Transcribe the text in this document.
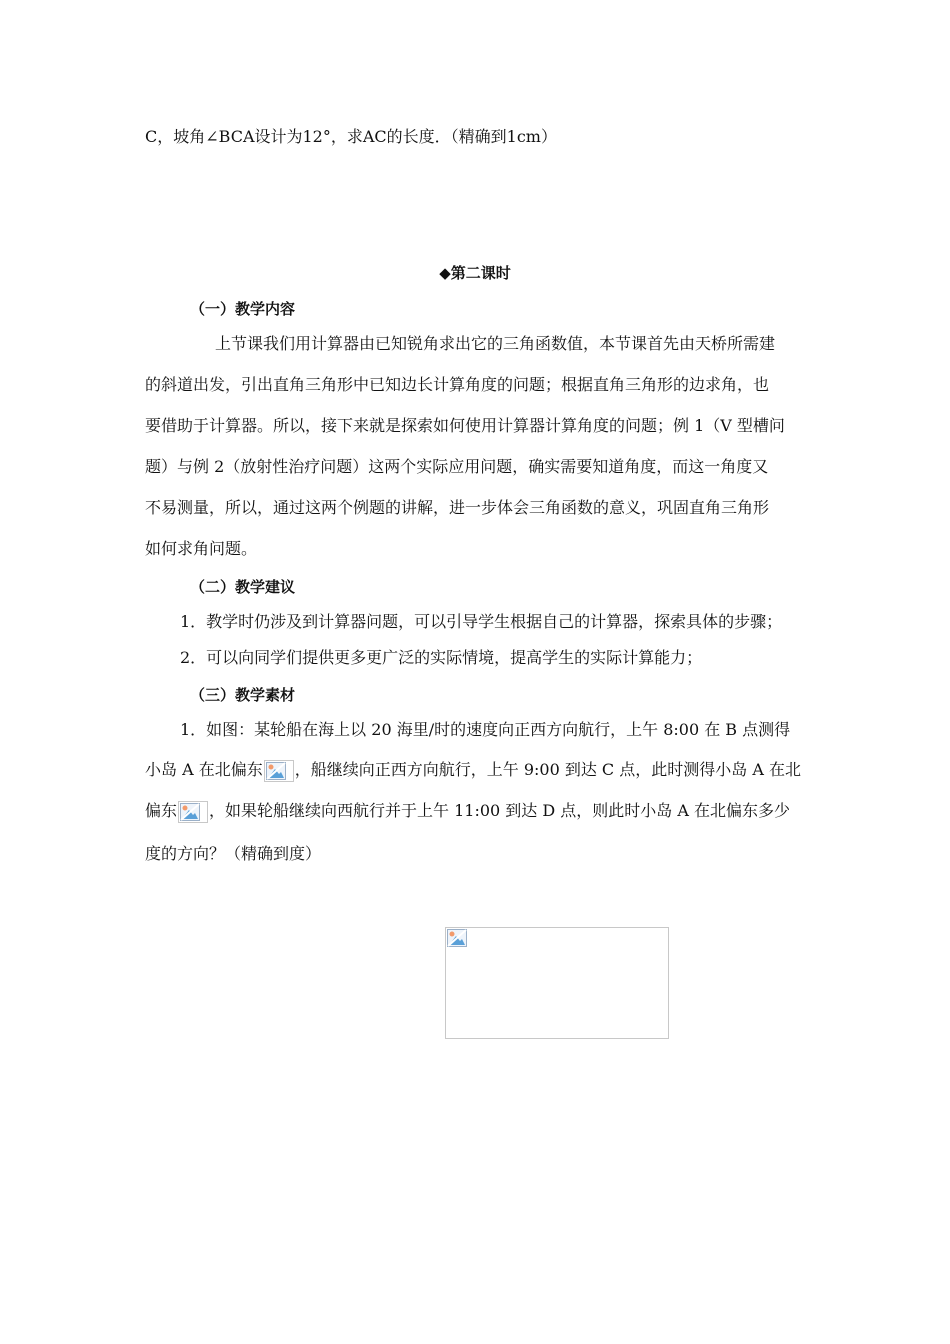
C，坡角∠BCA设计为12°，求AC的长度．（精确到1cm）
◆第二课时
（一）教学内容
上节课我们用计算器由已知锐角求出它的三角函数值，本节课首先由天桥所需建
的斜道出发，引出直角三角形中已知边长计算角度的问题；根据直角三角形的边求角，也
要借助于计算器。所以，接下来就是探索如何使用计算器计算角度的问题；例 1（V 型槽问
题）与例 2（放射性治疗问题）这两个实际应用问题，确实需要知道角度，而这一角度又
不易测量，所以，通过这两个例题的讲解，进一步体会三角函数的意义，巩固直角三角形
如何求角问题。
（二）教学建议
1．教学时仍涉及到计算器问题，可以引导学生根据自己的计算器，探索具体的步骤；
2．可以向同学们提供更多更广泛的实际情境，提高学生的实际计算能力；
（三）教学素材
1．如图：某轮船在海上以 20 海里/时的速度向正西方向航行，上午 8:00 在 B 点测得
小岛 A 在北偏东 ，船继续向正西方向航行，上午 9:00 到达 C 点，此时测得小岛 A 在北
偏东 ，如果轮船继续向西航行并于上午 11:00 到达 D 点，则此时小岛 A 在北偏东多少
度的方向？（精确到度）
